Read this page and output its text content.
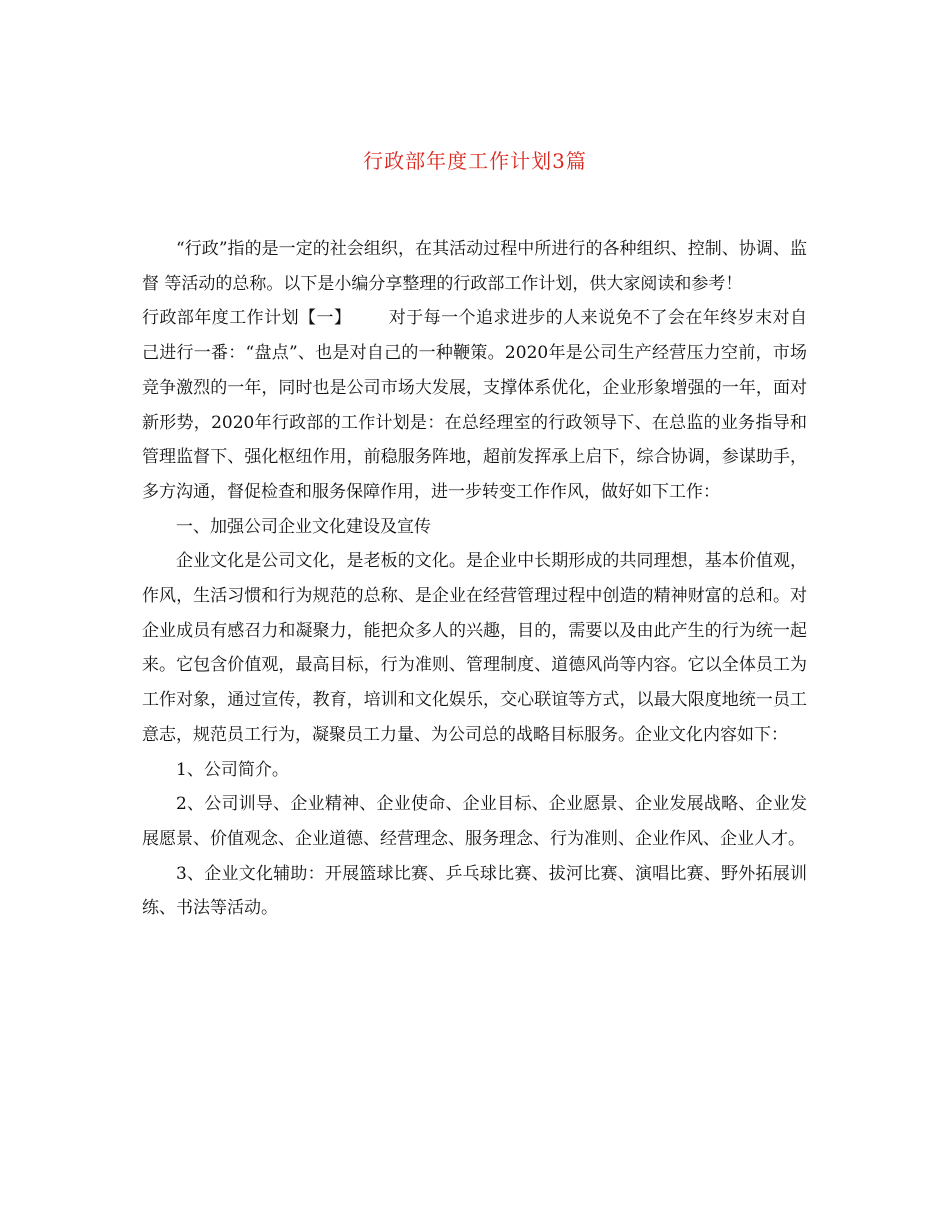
行政部年度工作计划3篇

“行政”指的是一定的社会组织，在其活动过程中所进行的各种组织、控制、协调、监督 等活动的总称。以下是小编分享整理的行政部工作计划，供大家阅读和参考！

行政部年度工作计划【一】 对于每一个追求进步的人来说免不了会在年终岁末对自己进行一番：“盘点”、也是对自己的一种鞭策。2020年是公司生产经营压力空前，市场竞争激烈的一年，同时也是公司市场大发展，支撑体系优化，企业形象增强的一年，面对新形势，2020年行政部的工作计划是：在总经理室的行政领导下、在总监的业务指导和管理监督下、强化枢纽作用，前稳服务阵地，超前发挥承上启下，综合协调，参谋助手，多方沟通，督促检查和服务保障作用，进一步转变工作作风，做好如下工作：

一、加强公司企业文化建设及宣传

企业文化是公司文化，是老板的文化。是企业中长期形成的共同理想，基本价值观，作风，生活习惯和行为规范的总称、是企业在经营管理过程中创造的精神财富的总和。对企业成员有感召力和凝聚力，能把众多人的兴趣，目的，需要以及由此产生的行为统一起来。它包含价值观，最高目标，行为准则、管理制度、道德风尚等内容。它以全体员工为工作对象，通过宣传，教育，培训和文化娱乐，交心联谊等方式，以最大限度地统一员工意志，规范员工行为，凝聚员工力量、为公司总的战略目标服务。企业文化内容如下：

1、公司简介。

2、公司训导、企业精神、企业使命、企业目标、企业愿景、企业发展战略、企业发展愿景、价值观念、企业道德、经营理念、服务理念、行为准则、企业作风、企业人才。

3、企业文化辅助：开展篮球比赛、乒乓球比赛、拔河比赛、演唱比赛、野外拓展训练、书法等活动。
